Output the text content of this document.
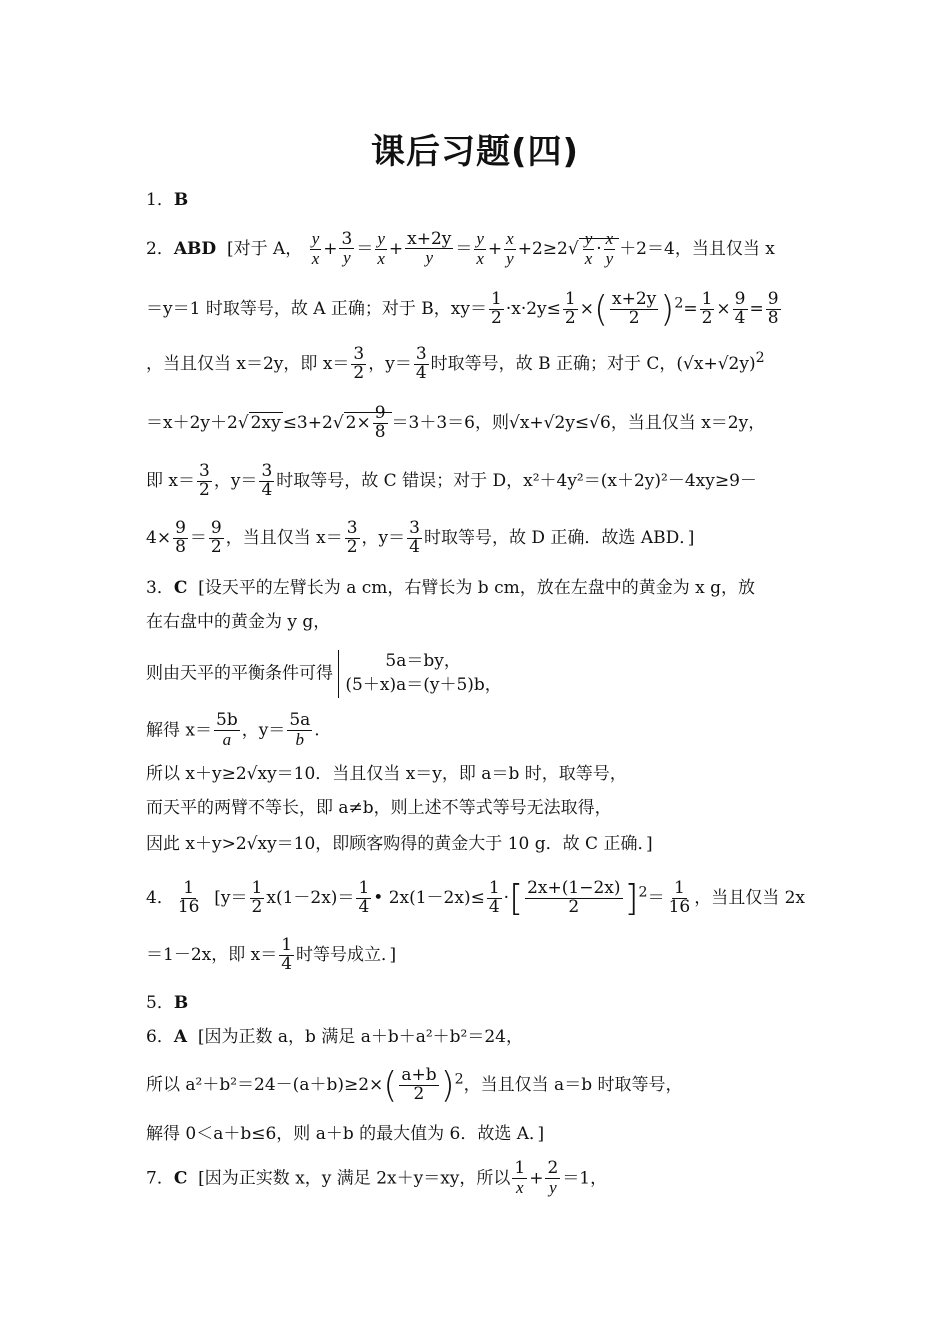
课后习题(四)
1．B
2．ABD [对于 A， $\frac{y}{x} + \frac{3}{y} = \frac{y}{x} + \frac{x+2y}{y} = \frac{y}{x} + \frac{x}{y} +2\ge 2√ \frac{y}{x} \cdot \frac{x}{y} +2=4$，当且仅当 x
＝y＝1 时取等号，故 A 正确；对于 B，$xy= \frac{1}{2} \cdot x\cdot 2y\le \frac{1}{2}$ ×( $\frac{x+2y}{2} )^2= \frac{1}{2} \times \frac{9}{4} = \frac{9}{8}$
，当且仅当 x＝2y，即 $x= \frac{3}{2}$ ，$y= \frac{3}{4}$ 时取等号，故 B 正确；对于 C，$(√x+√2y)^2$
＝x＋2y＋2√ 2xy ≤3+2√ $2\times \frac{9}{8} =3+3=6$，则√x+√2y≤√6，当且仅当 x＝2y，
即 $x= \frac{3}{2}$ ，$y= \frac{3}{4}$ 时取等号，故 C 错误；对于 D，x²＋4y²＝(x＋2y)²－4xy≥9－
$4\times \frac{9}{8} = \frac{9}{2}$ ，当且仅当 $x= \frac{3}{2}$ ，$y= \frac{3}{4}$ 时取等号，故 D 正确．故选 ABD．]
3．C [设天平的左臂长为 a cm，右臂长为 b cm，放在左盘中的黄金为 x g，放
在右盘中的黄金为 y g，
则由天平的平衡条件可得
5a＝by，
(5＋x)a＝(y＋5)b，
解得 $x= \frac{5b}{a}$ ，$y= \frac{5a}{b}$ .
所以 x＋y≥2√xy＝10．当且仅当 x＝y，即 a＝b 时，取等号，
而天平的两臂不等长，即 a≠b，则上述不等式等号无法取得，
因此 x＋y>2√xy＝10，即顾客购得的黄金大于 10 g．故 C 正确．]
4． $\frac{1}{16} [y= \frac{1}{2} x(1-2x)= \frac{1}{4}$ • $2x(1-2x)\le \frac{1}{4}$ ·[ $\frac{2x+(1-2x)}{2} ]^2= \frac{1}{16}$ ，当且仅当 2x
＝1－2x，即 $x= \frac{1}{4}$ 时等号成立．]
5．B
6．A [因为正数 a，b 满足 a＋b＋a²＋b²＝24，
所以 $a^2+b^2=24-(a+b)\ge 2\times( \frac{a+b}{2} )^2$，当且仅当 a＝b 时取等号，
解得 0＜a＋b≤6，则 a＋b 的最大值为 6．故选 A．]
7．C [因为正实数 x，y 满足 2x＋y＝xy，所以 $\frac{1}{x} + \frac{2}{y} =1$，
